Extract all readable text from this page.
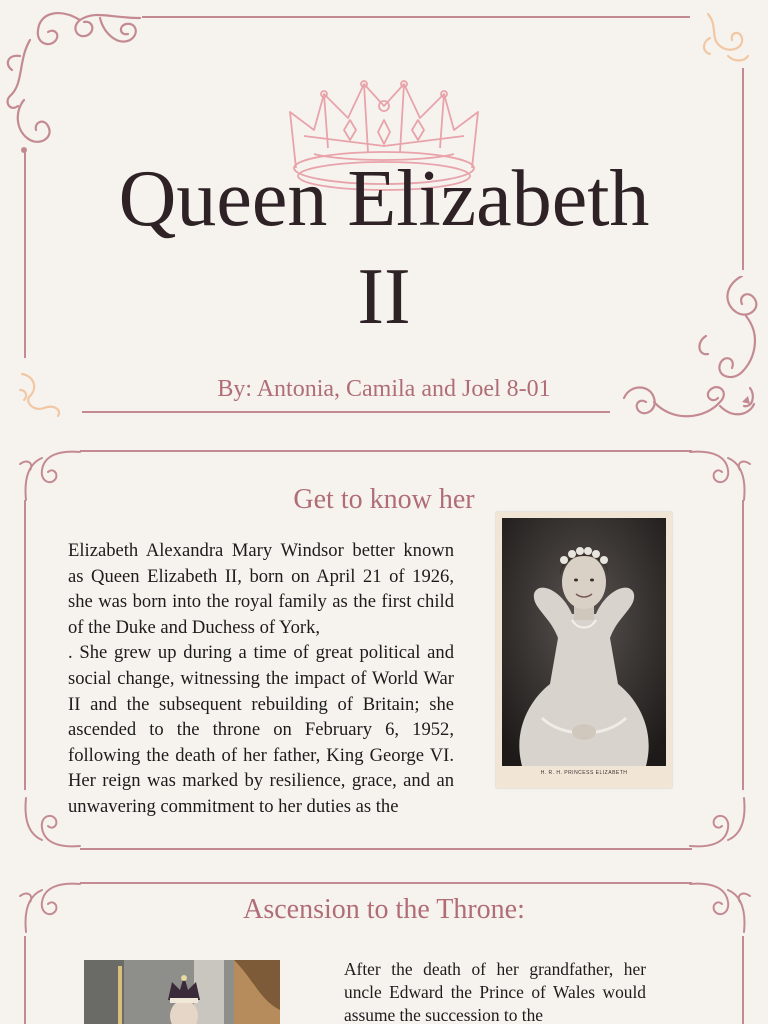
Queen Elizabeth
II
By: Antonia, Camila and Joel 8-01
Get to know her
Elizabeth Alexandra Mary Windsor better known as Queen Elizabeth II, born on April 21 of 1926, she was born into the royal family as the first child of the Duke and Duchess of York,
. She grew up during a time of great political and social change, witnessing the impact of World War II and the subsequent rebuilding of Britain; she ascended to the throne on February 6, 1952, following the death of her father, King George VI. Her reign was marked by resilience, grace, and an unwavering commitment to her duties as the
H. R. H. PRINCESS ELIZABETH
Ascension to the Throne:
After the death of her grandfather, her uncle Edward the Prince of Wales would assume the succession to the
